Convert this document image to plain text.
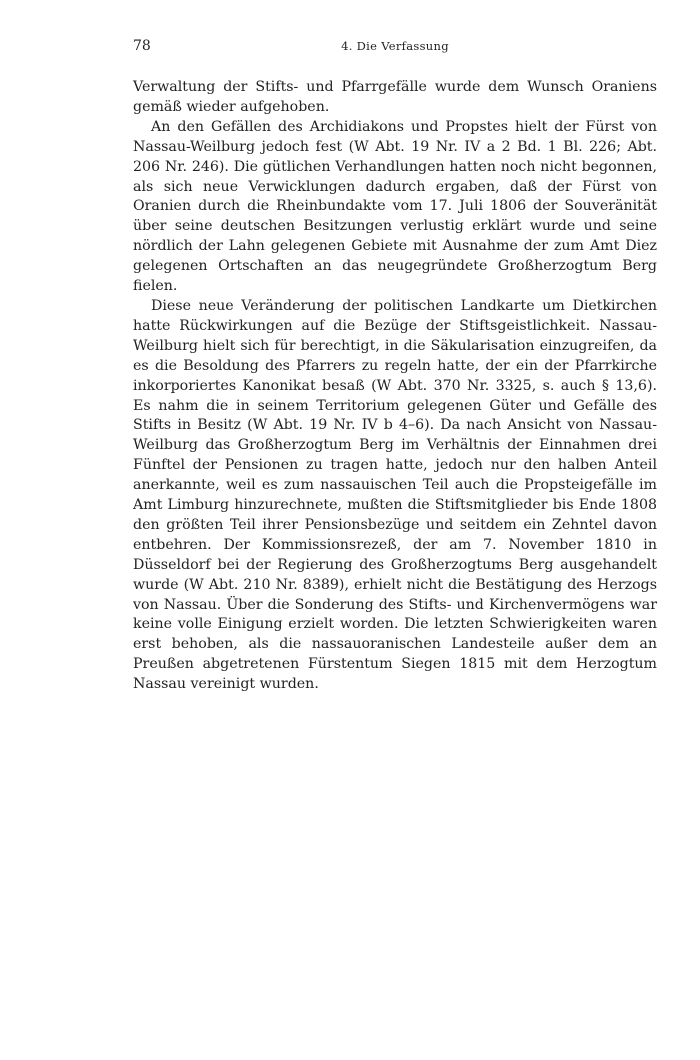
78	4. Die Verfassung

Verwaltung der Stifts- und Pfarrgefälle wurde dem Wunsch Oraniens gemäß wieder aufgehoben.

An den Gefällen des Archidiakons und Propstes hielt der Fürst von Nassau-Weilburg jedoch fest (W Abt. 19 Nr. IV a 2 Bd. 1 Bl. 226; Abt. 206 Nr. 246). Die gütlichen Verhandlungen hatten noch nicht begonnen, als sich neue Verwicklungen dadurch ergaben, daß der Fürst von Oranien durch die Rheinbundakte vom 17. Juli 1806 der Souveränität über seine deutschen Besitzungen verlustig erklärt wurde und seine nördlich der Lahn gelegenen Gebiete mit Ausnahme der zum Amt Diez gelegenen Ortschaften an das neugegründete Großherzogtum Berg fielen.

Diese neue Veränderung der politischen Landkarte um Dietkirchen hatte Rückwirkungen auf die Bezüge der Stiftsgeistlichkeit. Nassau-Weilburg hielt sich für berechtigt, in die Säkularisation einzugreifen, da es die Besoldung des Pfarrers zu regeln hatte, der ein der Pfarrkirche inkorporiertes Kanonikat besaß (W Abt. 370 Nr. 3325, s. auch § 13,6). Es nahm die in seinem Territorium gelegenen Güter und Gefälle des Stifts in Besitz (W Abt. 19 Nr. IV b 4–6). Da nach Ansicht von Nassau-Weilburg das Großherzogtum Berg im Verhältnis der Einnahmen drei Fünftel der Pensionen zu tragen hatte, jedoch nur den halben Anteil anerkannte, weil es zum nassauischen Teil auch die Propsteigefälle im Amt Limburg hinzurechnete, mußten die Stiftsmitglieder bis Ende 1808 den größten Teil ihrer Pensionsbezüge und seitdem ein Zehntel davon entbehren. Der Kommissionsrezeß, der am 7. November 1810 in Düsseldorf bei der Regierung des Großherzogtums Berg ausgehandelt wurde (W Abt. 210 Nr. 8389), erhielt nicht die Bestätigung des Herzogs von Nassau. Über die Sonderung des Stifts- und Kirchenvermögens war keine volle Einigung erzielt worden. Die letzten Schwierigkeiten waren erst behoben, als die nassauoranischen Landesteile außer dem an Preußen abgetretenen Fürstentum Siegen 1815 mit dem Herzogtum Nassau vereinigt wurden.
